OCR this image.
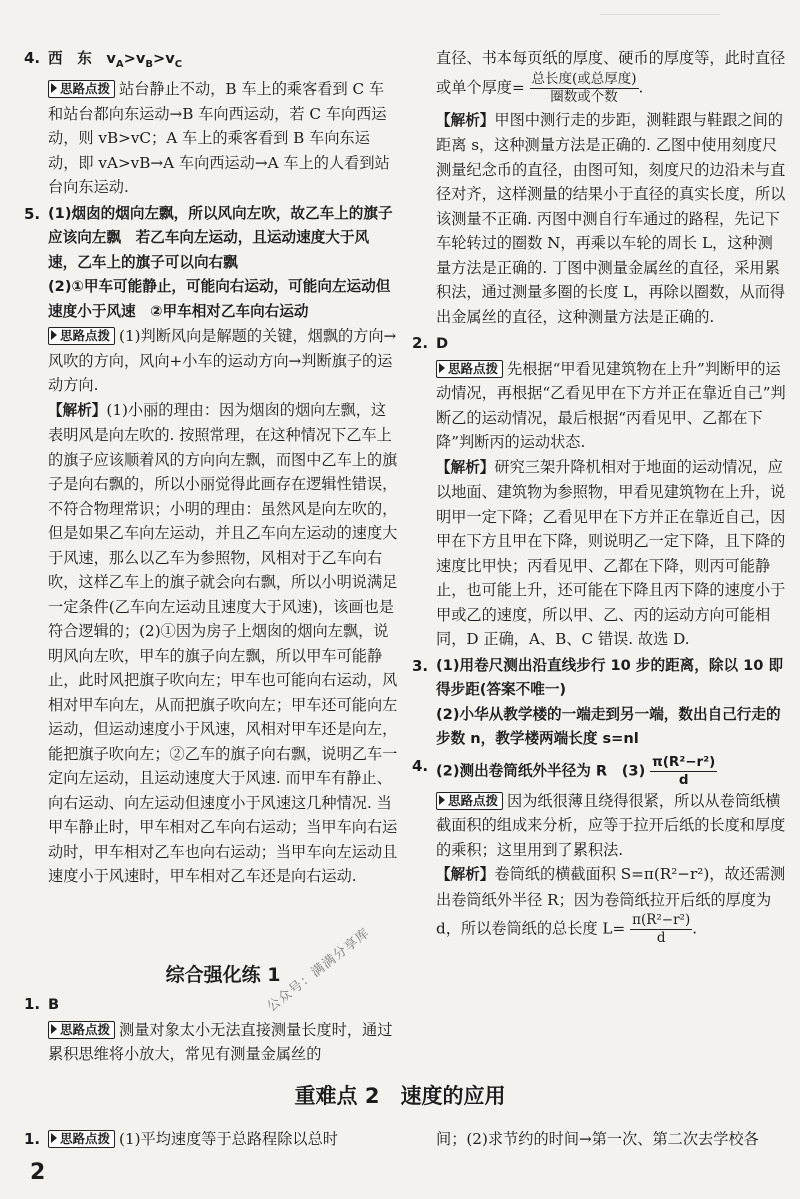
4. 西　东　$v_A>v_B>v_C$
思路点拨 站台静止不动，B 车上的乘客看到 C 车和站台都向东运动→B 车向西运动，若 C 车向西运动，则 vB>vC；A 车上的乘客看到 B 车向东运动，即 vA>vB→A 车向西运动→A 车上的人看到站台向东运动.
5. (1)烟囱的烟向左飘，所以风向左吹，故乙车上的旗子应该向左飘　若乙车向左运动，且运动速度大于风速，乙车上的旗子可以向右飘
(2)①甲车可能静止，可能向右运动，可能向左运动但速度小于风速　②甲车相对乙车向右运动
思路点拨 (1)判断风向是解题的关键，烟飘的方向→风吹的方向，风向+小车的运动方向→判断旗子的运动方向.
【解析】(1)小丽的理由：因为烟囱的烟向左飘，这表明风是向左吹的. 按照常理，在这种情况下乙车上的旗子应该顺着风的方向向左飘，而图中乙车上的旗子是向右飘的，所以小丽觉得此画存在逻辑性错误，不符合物理常识；小明的理由：虽然风是向左吹的，但是如果乙车向左运动，并且乙车向左运动的速度大于风速，那么以乙车为参照物，风相对于乙车向右吹，这样乙车上的旗子就会向右飘，所以小明说满足一定条件(乙车向左运动且速度大于风速)，该画也是符合逻辑的；(2)①因为房子上烟囱的烟向左飘，说明风向左吹，甲车的旗子向左飘，所以甲车可能静止，此时风把旗子吹向左；甲车也可能向右运动，风相对甲车向左，从而把旗子吹向左；甲车还可能向左运动，但运动速度小于风速，风相对甲车还是向左，能把旗子吹向左；②乙车的旗子向右飘，说明乙车一定向左运动，且运动速度大于风速. 而甲车有静止、向右运动、向左运动但速度小于风速这几种情况. 当甲车静止时，甲车相对乙车向右运动；当甲车向右运动时，甲车相对乙车也向右运动；当甲车向左运动且速度小于风速时，甲车相对乙车还是向右运动.
综合强化练 1
1. B
思路点拨 测量对象太小无法直接测量长度时，通过累积思维将小放大，常见有测量金属丝的
公众号：满满分享库
直径、书本每页纸的厚度、硬币的厚度等，此时直径或单个厚度= $\frac{\text{总长度(或总厚度)}}{\text{圈数或个数}}$ .
【解析】甲图中测行走的步距，测鞋跟与鞋跟之间的距离 s，这种测量方法是正确的. 乙图中使用刻度尺测量纪念币的直径，由图可知，刻度尺的边沿未与直径对齐，这样测量的结果小于直径的真实长度，所以该测量不正确. 丙图中测自行车通过的路程，先记下车轮转过的圈数 N，再乘以车轮的周长 L，这种测量方法是正确的. 丁图中测量金属丝的直径，采用累积法，通过测量多圈的长度 L，再除以圈数，从而得出金属丝的直径，这种测量方法是正确的.
2. D
思路点拨 先根据“甲看见建筑物在上升”判断甲的运动情况，再根据“乙看见甲在下方并正在靠近自己”判断乙的运动情况，最后根据“丙看见甲、乙都在下降”判断丙的运动状态.
【解析】研究三架升降机相对于地面的运动情况，应以地面、建筑物为参照物，甲看见建筑物在上升，说明甲一定下降；乙看见甲在下方并正在靠近自己，因甲在下方且甲在下降，则说明乙一定下降，且下降的速度比甲快；丙看见甲、乙都在下降，则丙可能静止，也可能上升，还可能在下降且丙下降的速度小于甲或乙的速度，所以甲、乙、丙的运动方向可能相同，D 正确，A、B、C 错误. 故选 D.
3. (1)用卷尺测出沿直线步行 10 步的距离，除以 10 即得步距(答案不唯一)
(2)小华从教学楼的一端走到另一端，数出自己行走的步数 n，教学楼两端长度 s=nl
4. (2)测出卷筒纸外半径为 R　$(3) \frac{\text{π(R²−r²)}}{d}$
思路点拨 因为纸很薄且绕得很紧，所以从卷筒纸横截面积的组成来分析，应等于拉开后纸的长度和厚度的乘积；这里用到了累积法.
【解析】卷筒纸的横截面积 S=π(R²−r²)，故还需测出卷筒纸外半径 R；因为卷筒纸拉开后纸的厚度为 d，所以卷筒纸的总长度 $L= \frac{\text{π(R²−r²)}}{d}$ .
重难点 2　速度的应用
1. 思路点拨 (1)平均速度等于总路程除以总时	间；(2)求节约的时间→第一次、第二次去学校各
2
